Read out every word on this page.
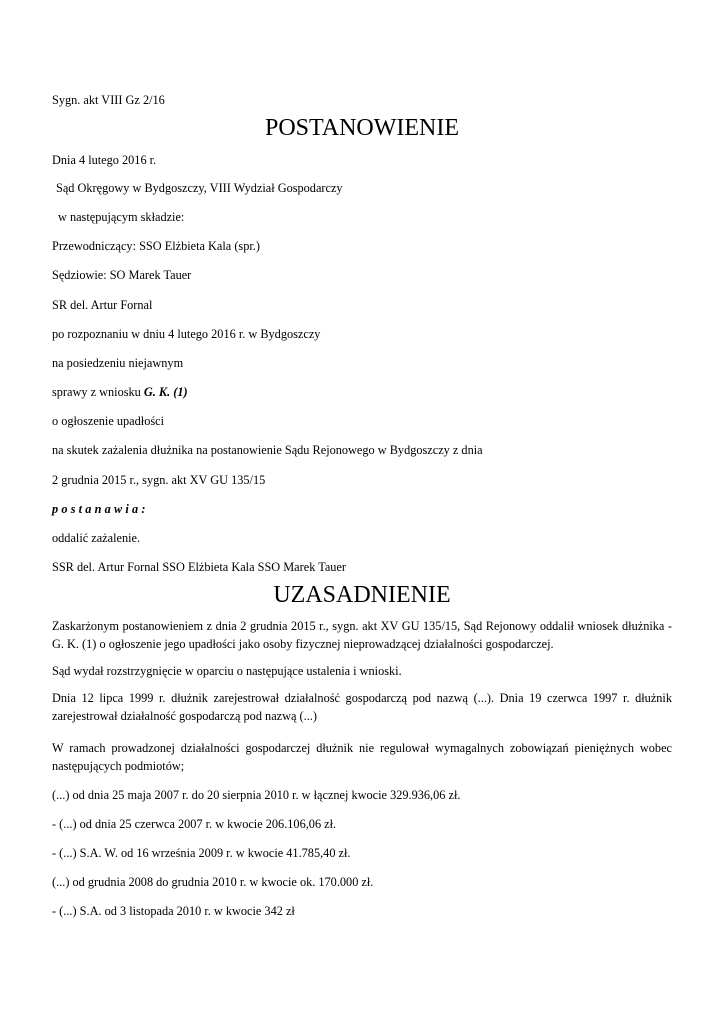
Sygn. akt VIII Gz 2/16
POSTANOWIENIE
Dnia 4 lutego 2016 r.
Sąd Okręgowy w Bydgoszczy, VIII Wydział Gospodarczy
w następującym składzie:
Przewodniczący: SSO Elżbieta Kala (spr.)
Sędziowie: SO Marek Tauer
SR del. Artur Fornal
po rozpoznaniu w dniu 4 lutego 2016 r. w Bydgoszczy
na posiedzeniu niejawnym
sprawy z wniosku G. K. (1)
o ogłoszenie upadłości
na skutek zażalenia dłużnika na postanowienie Sądu Rejonowego w Bydgoszczy z dnia
2 grudnia 2015 r., sygn. akt XV GU 135/15
postanawia:
oddalić zażalenie.
SSR del. Artur Fornal SSO Elżbieta Kala SSO Marek Tauer
UZASADNIENIE
Zaskarżonym postanowieniem z dnia 2 grudnia 2015 r., sygn. akt XV GU 135/15, Sąd Rejonowy oddalił wniosek dłużnika - G. K. (1) o ogłoszenie jego upadłości jako osoby fizycznej nieprowadzącej działalności gospodarczej.
Sąd wydał rozstrzygnięcie w oparciu o następujące ustalenia i wnioski.
Dnia 12 lipca 1999 r. dłużnik zarejestrował działalność gospodarczą pod nazwą (...). Dnia 19 czerwca 1997 r. dłużnik zarejestrował działalność gospodarczą pod nazwą (...)
W ramach prowadzonej działalności gospodarczej dłużnik nie regulował wymagalnych zobowiązań pieniężnych wobec następujących podmiotów;
(...) od dnia 25 maja 2007 r. do 20 sierpnia 2010 r. w łącznej kwocie 329.936,06 zł.
- (...) od dnia 25 czerwca 2007 r. w kwocie 206.106,06 zł.
- (...) S.A. W. od 16 września 2009 r. w kwocie 41.785,40 zł.
(...) od grudnia 2008 do grudnia 2010 r. w kwocie ok. 170.000 zł.
- (...) S.A. od 3 listopada 2010 r. w kwocie 342 zł
